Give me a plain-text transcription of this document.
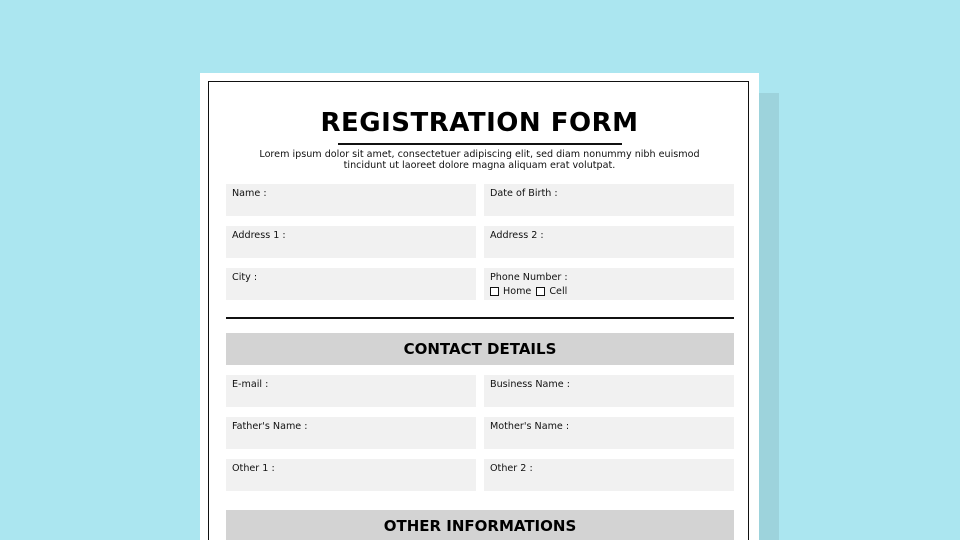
REGISTRATION FORM
Lorem ipsum dolor sit amet, consectetuer adipiscing elit, sed diam nonummy nibh euismod tincidunt ut laoreet dolore magna aliquam erat volutpat.
Name :	Date of Birth :
Address 1 :	Address 2 :
City :	Phone Number :
Home Cell
CONTACT DETAILS
E-mail :	Business Name :
Father's Name :	Mother's Name :
Other 1 :	Other 2 :
OTHER INFORMATIONS
